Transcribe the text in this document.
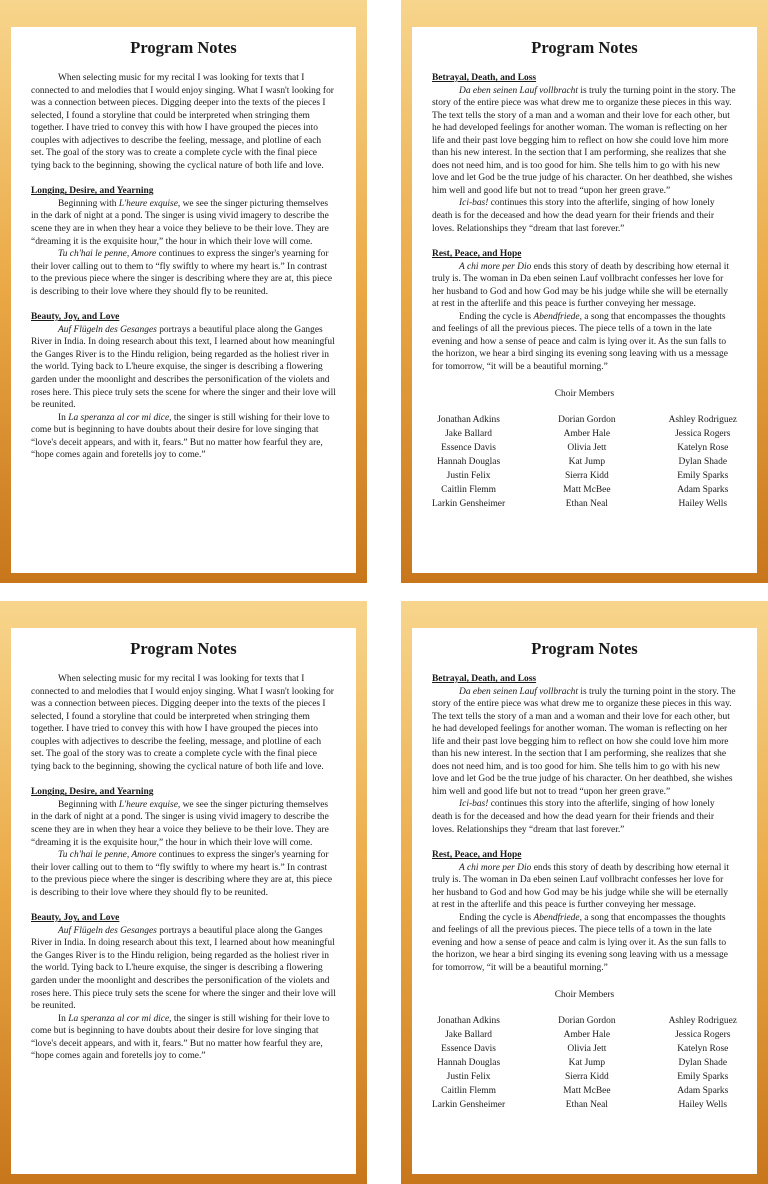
Program Notes

When selecting music for my recital I was looking for texts that I connected to and melodies that I would enjoy singing. What I wasn't looking for was a connection between pieces. Digging deeper into the texts of the pieces I selected, I found a storyline that could be interpreted when stringing them together. I have tried to convey this with how I have grouped the pieces into couples with adjectives to describe the feeling, message, and plotline of each set. The goal of the story was to create a complete cycle with the final piece tying back to the beginning, showing the cyclical nature of both life and love.

Longing, Desire, and Yearning

Beginning with L'heure exquise, we see the singer picturing themselves in the dark of night at a pond. The singer is using vivid imagery to describe the scene they are in when they hear a voice they believe to be their love. They are “dreaming it is the exquisite hour,” the hour in which their love will come.

Tu ch'hai le penne, Amore continues to express the singer's yearning for their lover calling out to them to “fly swiftly to where my heart is.” In contrast to the previous piece where the singer is describing where they are at, this piece is describing to their love where they should fly to be reunited.

Beauty, Joy, and Love

Auf Flügeln des Gesanges portrays a beautiful place along the Ganges River in India. In doing research about this text, I learned about how meaningful the Ganges River is to the Hindu religion, being regarded as the holiest river in the world. Tying back to L'heure exquise, the singer is describing a flowering garden under the moonlight and describes the personification of the violets and roses here. This piece truly sets the scene for where the singer and their love will be reunited.

In La speranza al cor mi dice, the singer is still wishing for their love to come but is beginning to have doubts about their desire for love singing that “love's deceit appears, and with it, fears.” But no matter how fearful they are, “hope comes again and foretells joy to come.”

Program Notes
Betrayal, Death, and Loss

Da eben seinen Lauf vollbracht is truly the turning point in the story. The story of the entire piece was what drew me to organize these pieces in this way. The text tells the story of a man and a woman and their love for each other, but he had developed feelings for another woman. The woman is reflecting on her life and their past love begging him to reflect on how she could love him more than his new interest. In the section that I am performing, she realizes that she does not need him, and is too good for him. She tells him to go with his new love and let God be the true judge of his character. On her deathbed, she wishes him well and good life but not to tread “upon her green grave.”

Ici-bas! continues this story into the afterlife, singing of how lonely death is for the deceased and how the dead yearn for their friends and their loves. Relationships they “dream that last forever.”

Rest, Peace, and Hope

A chi more per Dio ends this story of death by describing how eternal it truly is. The woman in Da eben seinen Lauf vollbracht confesses her love for her husband to God and how God may be his judge while she will be eternally at rest in the afterlife and this peace is further conveying her message.

Ending the cycle is Abendfriede, a song that encompasses the thoughts and feelings of all the previous pieces. The piece tells of a town in the late evening and how a sense of peace and calm is lying over it. As the sun falls to the horizon, we hear a bird singing its evening song leaving with us a message for tomorrow, “it will be a beautiful morning.”

Choir Members
Jonathan Adkins
Jake Ballard
Essence Davis
Hannah Douglas
Justin Felix
Caitlin Flemm
Larkin Gensheimer
Dorian Gordon
Amber Hale
Olivia Jett
Kat Jump
Sierra Kidd
Matt McBee
Ethan Neal
Ashley Rodriguez
Jessica Rogers
Katelyn Rose
Dylan Shade
Emily Sparks
Adam Sparks
Hailey Wells
Program Notes

When selecting music for my recital I was looking for texts that I connected to and melodies that I would enjoy singing. What I wasn't looking for was a connection between pieces. Digging deeper into the texts of the pieces I selected, I found a storyline that could be interpreted when stringing them together. I have tried to convey this with how I have grouped the pieces into couples with adjectives to describe the feeling, message, and plotline of each set. The goal of the story was to create a complete cycle with the final piece tying back to the beginning, showing the cyclical nature of both life and love.

Longing, Desire, and Yearning

Beginning with L'heure exquise, we see the singer picturing themselves in the dark of night at a pond. The singer is using vivid imagery to describe the scene they are in when they hear a voice they believe to be their love. They are “dreaming it is the exquisite hour,” the hour in which their love will come.

Tu ch'hai le penne, Amore continues to express the singer's yearning for their lover calling out to them to “fly swiftly to where my heart is.” In contrast to the previous piece where the singer is describing where they are at, this piece is describing to their love where they should fly to be reunited.

Beauty, Joy, and Love

Auf Flügeln des Gesanges portrays a beautiful place along the Ganges River in India. In doing research about this text, I learned about how meaningful the Ganges River is to the Hindu religion, being regarded as the holiest river in the world. Tying back to L'heure exquise, the singer is describing a flowering garden under the moonlight and describes the personification of the violets and roses here. This piece truly sets the scene for where the singer and their love will be reunited.

In La speranza al cor mi dice, the singer is still wishing for their love to come but is beginning to have doubts about their desire for love singing that “love's deceit appears, and with it, fears.” But no matter how fearful they are, “hope comes again and foretells joy to come.”

Program Notes
Betrayal, Death, and Loss

Da eben seinen Lauf vollbracht is truly the turning point in the story. The story of the entire piece was what drew me to organize these pieces in this way. The text tells the story of a man and a woman and their love for each other, but he had developed feelings for another woman. The woman is reflecting on her life and their past love begging him to reflect on how she could love him more than his new interest. In the section that I am performing, she realizes that she does not need him, and is too good for him. She tells him to go with his new love and let God be the true judge of his character. On her deathbed, she wishes him well and good life but not to tread “upon her green grave.”

Ici-bas! continues this story into the afterlife, singing of how lonely death is for the deceased and how the dead yearn for their friends and their loves. Relationships they “dream that last forever.”

Rest, Peace, and Hope

A chi more per Dio ends this story of death by describing how eternal it truly is. The woman in Da eben seinen Lauf vollbracht confesses her love for her husband to God and how God may be his judge while she will be eternally at rest in the afterlife and this peace is further conveying her message.

Ending the cycle is Abendfriede, a song that encompasses the thoughts and feelings of all the previous pieces. The piece tells of a town in the late evening and how a sense of peace and calm is lying over it. As the sun falls to the horizon, we hear a bird singing its evening song leaving with us a message for tomorrow, “it will be a beautiful morning.”

Choir Members
Jonathan Adkins
Jake Ballard
Essence Davis
Hannah Douglas
Justin Felix
Caitlin Flemm
Larkin Gensheimer
Dorian Gordon
Amber Hale
Olivia Jett
Kat Jump
Sierra Kidd
Matt McBee
Ethan Neal
Ashley Rodriguez
Jessica Rogers
Katelyn Rose
Dylan Shade
Emily Sparks
Adam Sparks
Hailey Wells
